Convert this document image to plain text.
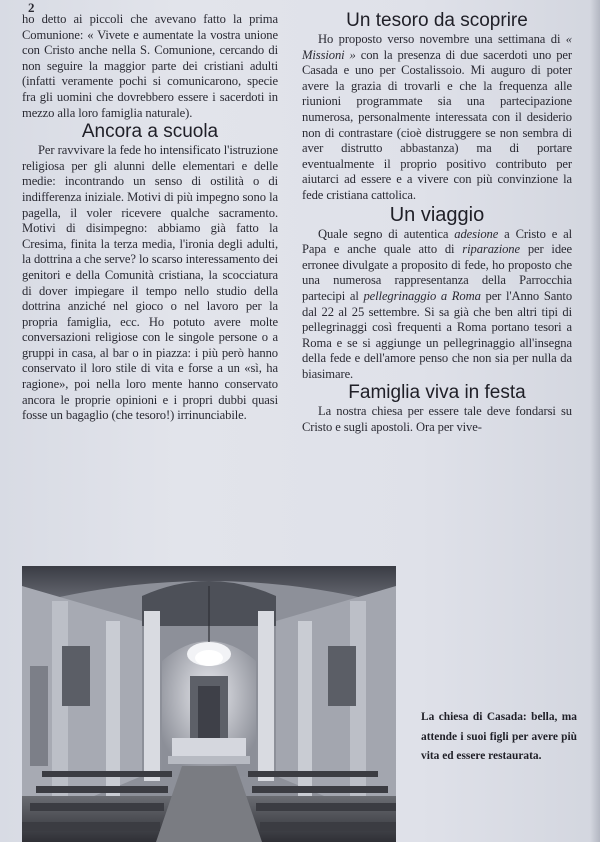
2

ho detto ai piccoli che avevano fatto la prima Comunione: « Vivete e aumentate la vostra unione con Cristo anche nella S. Comunione, cercando di non seguire la maggior parte dei cristiani adulti (infatti veramente pochi si comunicarono, specie fra gli uomini che dovrebbero essere i sacerdoti in mezzo alla loro famiglia naturale).

Ancora a scuola

Per ravvivare la fede ho intensificato l'istruzione religiosa per gli alunni delle elementari e delle medie: incontrando un senso di ostilità o di indifferenza iniziale. Motivi di più impegno sono la pagella, il voler ricevere qualche sacramento. Motivi di disimpegno: abbiamo già fatto la Cresima, finita la terza media, l'ironia degli adulti, la dottrina a che serve? lo scarso interessamento dei genitori e della Comunità cristiana, la scocciatura di dover impiegare il tempo nello studio della dottrina anziché nel gioco o nel lavoro per la propria famiglia, ecc. Ho potuto avere molte conversazioni religiose con le singole persone o a gruppi in casa, al bar o in piazza: i più però hanno conservato il loro stile di vita e forse a un «sì, ha ragione», poi nella loro mente hanno conservato ancora le proprie opinioni e i propri dubbi quasi fosse un bagaglio (che tesoro!) irrinunciabile.

Un tesoro da scoprire

Ho proposto verso novembre una settimana di « Missioni » con la presenza di due sacerdoti uno per Casada e uno per Costalissoio. Mi auguro di poter avere la grazia di trovarli e che la frequenza alle riunioni programmate sia una partecipazione numerosa, personalmente interessata con il desiderio non di contrastare (cioè distruggere se non sembra di aver distrutto abbastanza) ma di portare eventualmente il proprio positivo contributo per aiutarci ad essere e a vivere con più convinzione la fede cristiana cattolica.

Un viaggio

Quale segno di autentica adesione a Cristo e al Papa e anche quale atto di riparazione per idee erronee divulgate a proposito di fede, ho proposto che una numerosa rappresentanza della Parrocchia partecipi al pellegrinaggio a Roma per l'Anno Santo dal 22 al 25 settembre. Si sa già che ben altri tipi di pellegrinaggi così frequenti a Roma portano tesori a Roma e se si aggiunge un pellegrinaggio all'insegna della fede e dell'amore penso che non sia per nulla da biasimare.

Famiglia viva in festa

La nostra chiesa per essere tale deve fondarsi su Cristo e sugli apostoli. Ora per vive-

La chiesa di Casada: bella, ma attende i suoi figli per avere più vita ed essere restaurata.
